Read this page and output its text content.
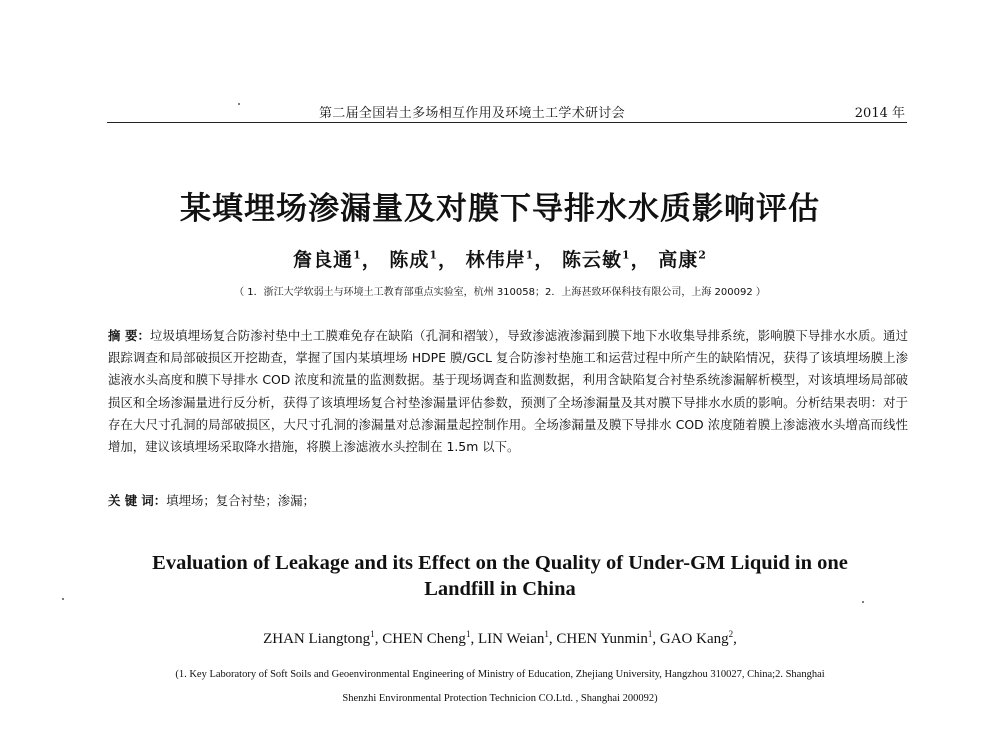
第二届全国岩土多场相互作用及环境土工学术研讨会	2014 年
某填埋场渗漏量及对膜下导排水水质影响评估
詹良通$^1$， 陈成$^1$， 林伟岸$^1$， 陈云敏$^1$， 高康$^2$
（ 1．浙江大学软弱土与环境土工教育部重点实验室，杭州 310058；2．上海甚致环保科技有限公司，上海 200092 ）
摘 要：垃圾填埋场复合防渗衬垫中土工膜难免存在缺陷（孔洞和褶皱），导致渗滤液渗漏到膜下地下水收集导排系统，影响膜下导排水水质。通过跟踪调查和局部破损区开挖勘查，掌握了国内某填埋场 HDPE 膜/GCL 复合防渗衬垫施工和运营过程中所产生的缺陷情况，获得了该填埋场膜上渗滤液水头高度和膜下导排水 COD 浓度和流量的监测数据。基于现场调查和监测数据，利用含缺陷复合衬垫系统渗漏解析模型，对该填埋场局部破损区和全场渗漏量进行反分析，获得了该填埋场复合衬垫渗漏量评估参数，预测了全场渗漏量及其对膜下导排水水质的影响。分析结果表明：对于存在大尺寸孔洞的局部破损区，大尺寸孔洞的渗漏量对总渗漏量起控制作用。全场渗漏量及膜下导排水 COD 浓度随着膜上渗滤液水头增高而线性增加，建议该填埋场采取降水措施，将膜上渗滤液水头控制在 1.5m 以下。
关 键 词：填埋场；复合衬垫；渗漏；
Evaluation of Leakage and its Effect on the Quality of Under-GM Liquid in one
Landfill in China
ZHAN Liangtong$^1$, CHEN Cheng$^1$, LIN Weian$^1$, CHEN Yunmin$^1$, GAO Kang$^2$,
(1. Key Laboratory of Soft Soils and Geoenvironmental Engineering of Ministry of Education, Zhejiang University, Hangzhou 310027, China;2. Shanghai
Shenzhi Environmental Protection Technicion CO.Ltd. , Shanghai 200092)
